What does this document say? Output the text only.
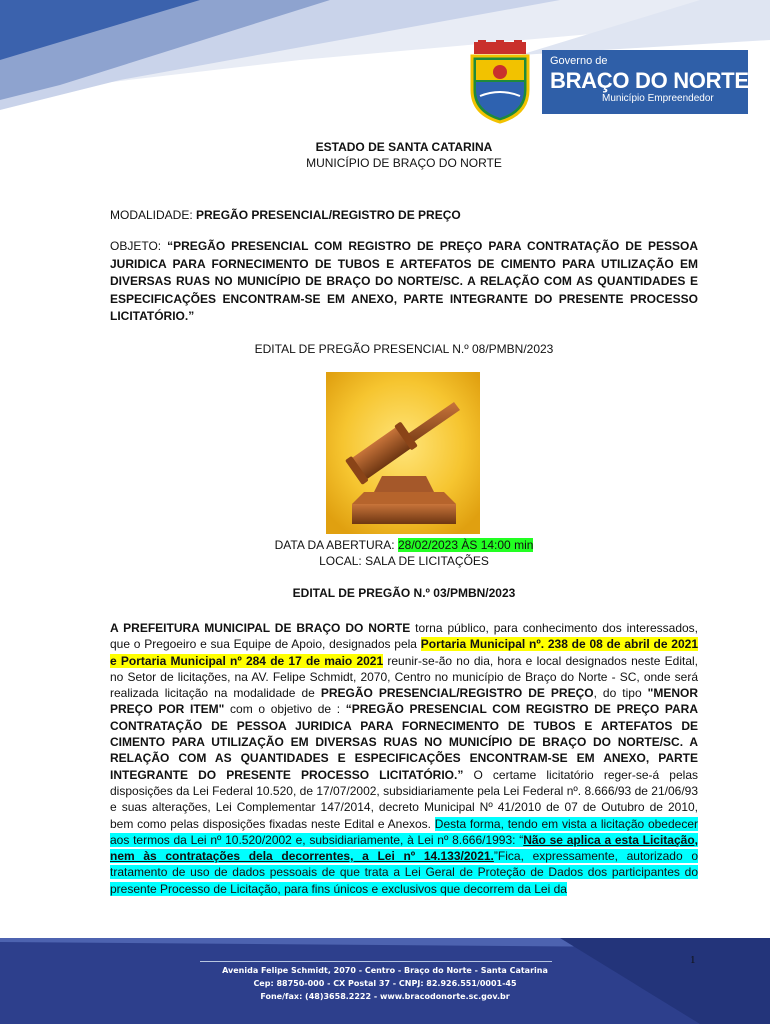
Governo de
BRAÇO DO NORTE
Município Empreendedor
ESTADO DE SANTA CATARINA
MUNICÍPIO DE BRAÇO DO NORTE
MODALIDADE: PREGÃO PRESENCIAL/REGISTRO DE PREÇO
OBJETO: “PREGÃO PRESENCIAL COM REGISTRO DE PREÇO PARA CONTRATAÇÃO DE PESSOA JURIDICA PARA FORNECIMENTO DE TUBOS E ARTEFATOS DE CIMENTO PARA UTILIZAÇÃO EM DIVERSAS RUAS NO MUNICÍPIO DE BRAÇO DO NORTE/SC. A RELAÇÃO COM AS QUANTIDADES E ESPECIFICAÇÕES ENCONTRAM-SE EM ANEXO, PARTE INTEGRANTE DO PRESENTE PROCESSO LICITATÓRIO.”
EDITAL DE PREGÃO PRESENCIAL N.º 08/PMBN/2023
DATA DA ABERTURA: 28/02/2023 ÀS 14:00 min
LOCAL: SALA DE LICITAÇÕES
EDITAL DE PREGÃO N.º 03/PMBN/2023
A PREFEITURA MUNICIPAL DE BRAÇO DO NORTE torna público, para conhecimento dos interessados, que o Pregoeiro e sua Equipe de Apoio, designados pela Portaria Municipal nº. 238 de 08 de abril de 2021 e Portaria Municipal nº 284 de 17 de maio 2021 reunir-se-ão no dia, hora e local designados neste Edital, no Setor de licitações, na AV. Felipe Schmidt, 2070, Centro no município de Braço do Norte - SC, onde será realizada licitação na modalidade de PREGÃO PRESENCIAL/REGISTRO DE PREÇO, do tipo "MENOR PREÇO POR ITEM" com o objetivo de : “PREGÃO PRESENCIAL COM REGISTRO DE PREÇO PARA CONTRATAÇÃO DE PESSOA JURIDICA PARA FORNECIMENTO DE TUBOS E ARTEFATOS DE CIMENTO PARA UTILIZAÇÃO EM DIVERSAS RUAS NO MUNICÍPIO DE BRAÇO DO NORTE/SC. A RELAÇÃO COM AS QUANTIDADES E ESPECIFICAÇÕES ENCONTRAM-SE EM ANEXO, PARTE INTEGRANTE DO PRESENTE PROCESSO LICITATÓRIO.” O certame licitatório reger-se-á pelas disposições da Lei Federal 10.520, de 17/07/2002, subsidiariamente pela Lei Federal nº. 8.666/93 de 21/06/93 e suas alterações, Lei Complementar 147/2014, decreto Municipal Nº 41/2010 de 07 de Outubro de 2010, bem como pelas disposições fixadas neste Edital e Anexos. Desta forma, tendo em vista a licitação obedecer aos termos da Lei nº 10.520/2002 e, subsidiariamente, à Lei nº 8.666/1993: “Não se aplica a esta Licitação, nem às contratações dela decorrentes, a Lei nº 14.133/2021.”Fica, expressamente, autorizado o tratamento de uso de dados pessoais de que trata a Lei Geral de Proteção de Dados dos participantes do presente Processo de Licitação, para fins únicos e exclusivos que decorrem da Lei da
1
Avenida Felipe Schmidt, 2070 - Centro - Braço do Norte - Santa Catarina
Cep: 88750-000 - CX Postal 37 - CNPJ: 82.926.551/0001-45
Fone/fax: (48)3658.2222 - www.bracodonorte.sc.gov.br
